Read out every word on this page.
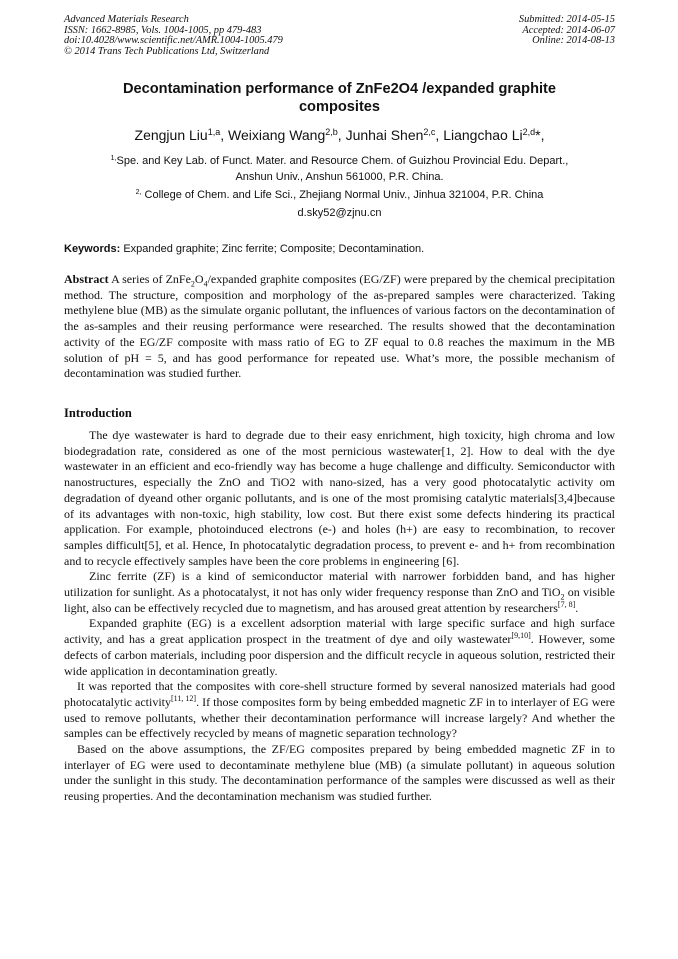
Advanced Materials Research
ISSN: 1662-8985, Vols. 1004-1005, pp 479-483
doi:10.4028/www.scientific.net/AMR.1004-1005.479
© 2014 Trans Tech Publications Ltd, Switzerland
Submitted: 2014-05-15
Accepted: 2014-06-07
Online: 2014-08-13
Decontamination performance of ZnFe2O4 /expanded graphite
composites
Zengjun Liu$^{1,a}$, Weixiang Wang$^{2,b}$, Junhai Shen$^{2,c}$, Liangchao Li$^{2,d}$*,
$^{1,}$Spe. and Key Lab. of Funct. Mater. and Resource Chem. of Guizhou Provincial Edu. Depart.,
Anshun Univ., Anshun 561000, P.R. China.
$^{2,}$ College of Chem. and Life Sci., Zhejiang Normal Univ., Jinhua 321004, P.R. China
d.sky52@zjnu.cn
Keywords: Expanded graphite; Zinc ferrite; Composite; Decontamination.
Abstract A series of $ZnFe_2O_4$/expanded graphite composites (EG/ZF) were prepared by the chemical precipitation method. The structure, composition and morphology of the as-prepared samples were characterized. Taking methylene blue (MB) as the simulate organic pollutant, the influences of various factors on the decontamination of the as-samples and their reusing performance were researched. The results showed that the decontamination activity of the EG/ZF composite with mass ratio of EG to ZF equal to 0.8 reaches the maximum in the MB solution of pH = 5, and has good performance for repeated use. What’s more, the possible mechanism of decontamination was studied further.
Introduction

The dye wastewater is hard to degrade due to their easy enrichment, high toxicity, high chroma and low biodegradation rate, considered as one of the most pernicious wastewater[1, 2]. How to deal with the dye wastewater in an efficient and eco-friendly way has become a huge challenge and difficulty. Semiconductor with nanostructures, especially the ZnO and TiO2 with nano-sized, has a very good photocatalytic activity om degradation of dyeand other organic pollutants, and is one of the most promising catalytic materials[3,4]because of its advantages with non-toxic, high stability, low cost. But there exist some defects hindering its practical application. For example, photoinduced electrons (e-) and holes (h+) are easy to recombination, to recover samples difficult[5], et al. Hence, In photocatalytic degradation process, to prevent e- and h+ from recombination and to recycle effectively samples have been the core problems in engineering [6].

Zinc ferrite (ZF) is a kind of semiconductor material with narrower forbidden band, and has higher utilization for sunlight. As a photocatalyst, it not has only wider frequency response than ZnO and TiO$_2$ on visible light, also can be effectively recycled due to magnetism, and has aroused great attention by researchers[7, 8].

Expanded graphite (EG) is a excellent adsorption material with large specific surface and high surface activity, and has a great application prospect in the treatment of dye and oily wastewater[9,10]. However, some defects of carbon materials, including poor dispersion and the difficult recycle in aqueous solution, restricted their wide application in decontamination greatly.

It was reported that the composites with core-shell structure formed by several nanosized materials had good photocatalytic activity[11, 12]. If those composites form by being embedded magnetic ZF in to interlayer of EG were used to remove pollutants, whether their decontamination performance will increase largely? And whether the samples can be effectively recycled by means of magnetic separation technology?

Based on the above assumptions, the ZF/EG composites prepared by being embedded magnetic ZF in to interlayer of EG were used to decontaminate methylene blue (MB) (a simulate pollutant) in aqueous solution under the sunlight in this study. The decontamination performance of the samples were discussed as well as their reusing properties. And the decontamination mechanism was studied further.
